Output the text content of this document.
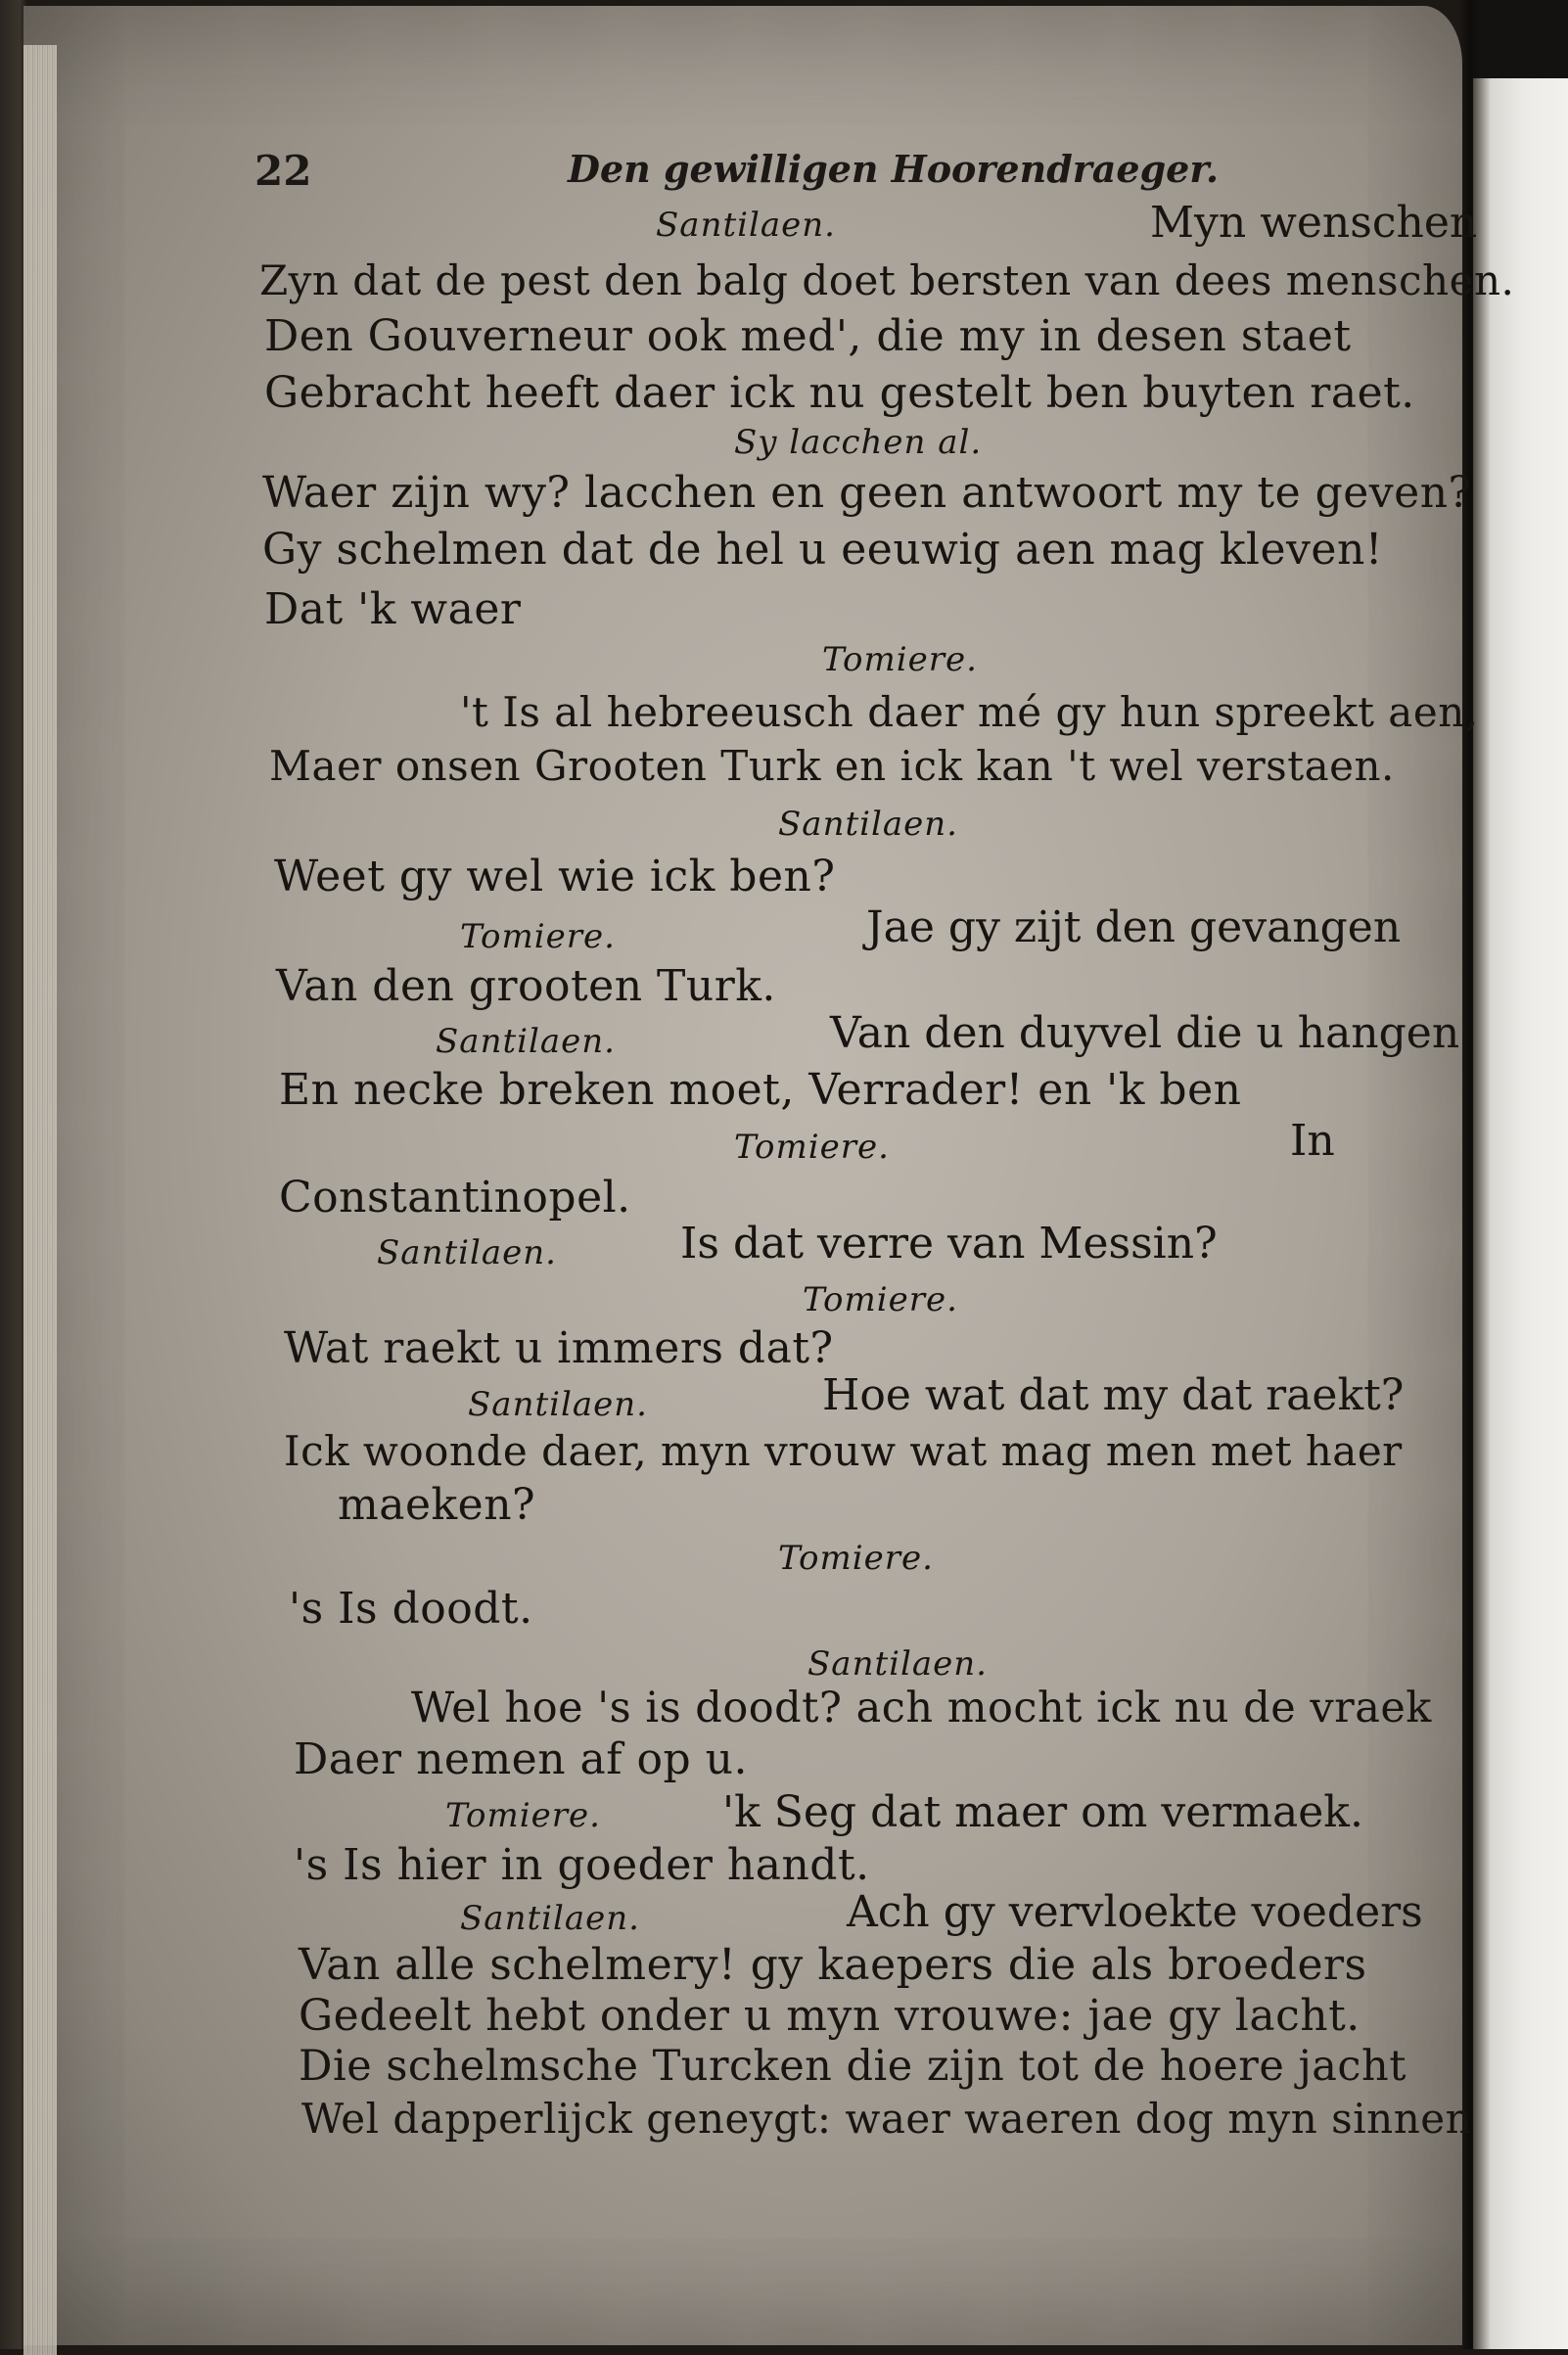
22	Den gewilligen Hoorendraeger.
Santilaen.	Myn wenschen
Zyn dat de pest den balg doet bersten van dees menschen.
Den Gouverneur ook med', die my in desen staet
Gebracht heeft daer ick nu gestelt ben buyten raet.
Sy lacchen al.
Waer zijn wy? lacchen en geen antwoort my te geven?
Gy schelmen dat de hel u eeuwig aen mag kleven!
Dat 'k waer
Tomiere.
't Is al hebreeusch daer mé gy hun spreekt aen,
Maer onsen Grooten Turk en ick kan 't wel verstaen.
Santilaen.
Weet gy wel wie ick ben?
Tomiere.	Jae gy zijt den gevangen
Van den grooten Turk.
Santilaen.	Van den duyvel die u hangen
En necke breken moet, Verrader! en 'k ben
Tomiere.	In
Constantinopel.
Santilaen.	Is dat verre van Messin?
Tomiere.
Wat raekt u immers dat?
Santilaen.	Hoe wat dat my dat raekt?
Ick woonde daer, myn vrouw wat mag men met haer
maeken?
Tomiere.
's Is doodt.
Santilaen.
Wel hoe 's is doodt? ach mocht ick nu de vraek
Daer nemen af op u.
Tomiere.	'k Seg dat maer om vermaek.
's Is hier in goeder handt.
Santilaen.	Ach gy vervloekte voeders
Van alle schelmery! gy kaepers die als broeders
Gedeelt hebt onder u myn vrouwe: jae gy lacht.
Die schelmsche Turcken die zijn tot de hoere jacht
Wel dapperlijck geneygt: waer waeren dog myn sinnen
